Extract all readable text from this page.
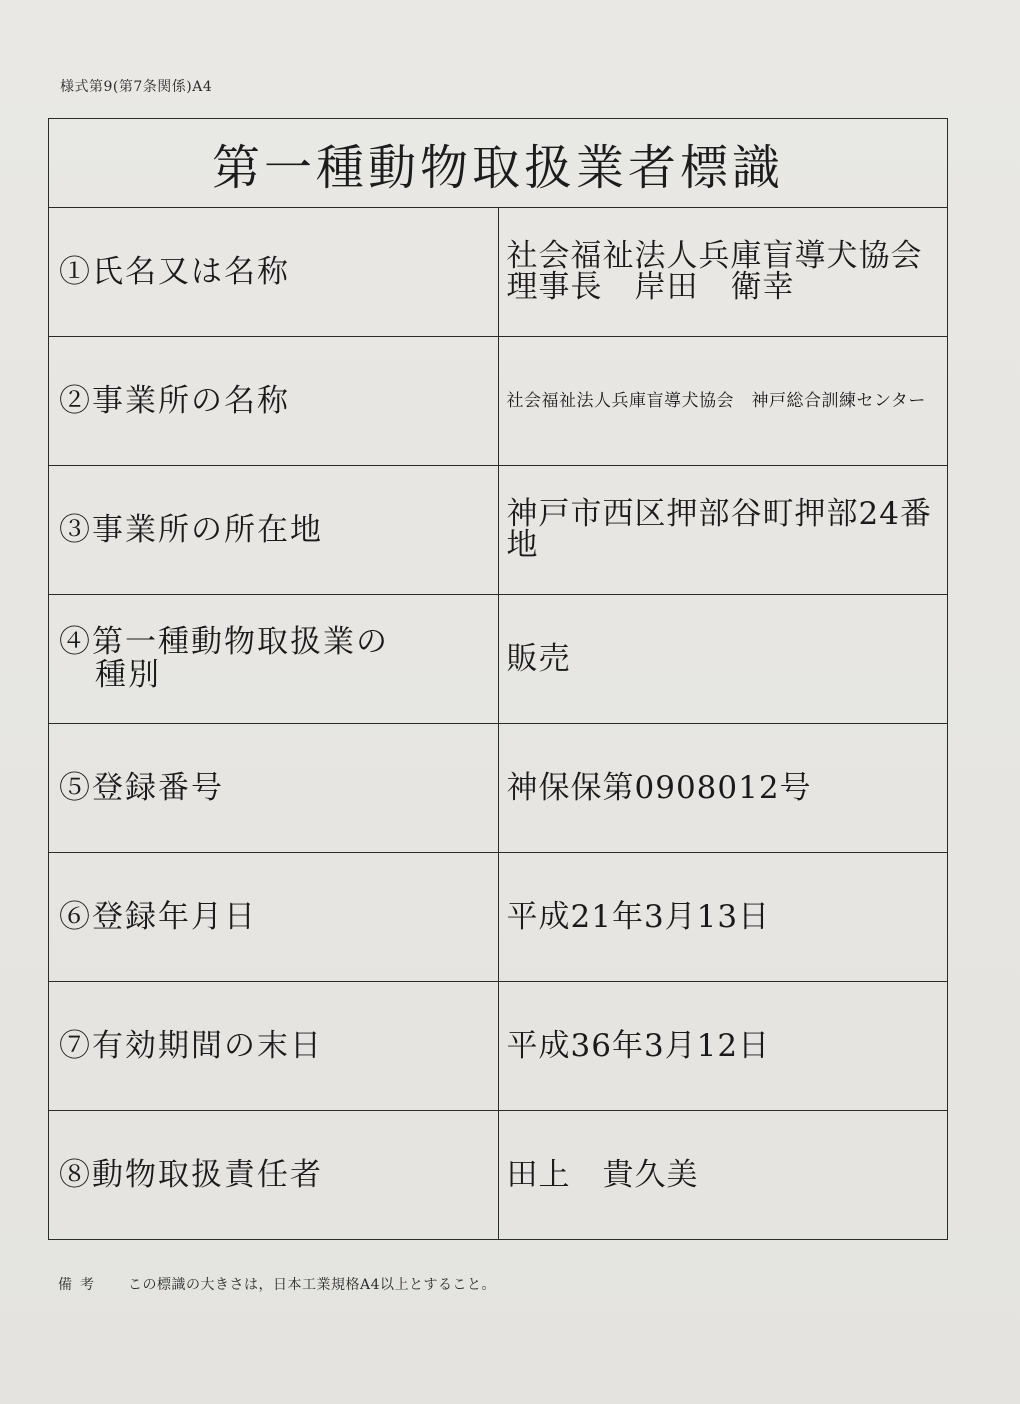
様式第9(第7条関係)A4
第一種動物取扱業者標識	
①氏名又は名称	社会福祉法人兵庫盲導犬協会
理事長　岸田　衛幸

②事業所の名称	社会福祉法人兵庫盲導犬協会　神戸総合訓練センター
③事業所の所在地	神戸市西区押部谷町押部24番地
④第一種動物取扱業の
種別	販売
⑤登録番号	神保保第0908012号
⑥登録年月日	平成21年3月13日
⑦有効期間の末日	平成36年3月12日
⑧動物取扱責任者	田上　貴久美
備考 この標識の大きさは，日本工業規格A4以上とすること。
